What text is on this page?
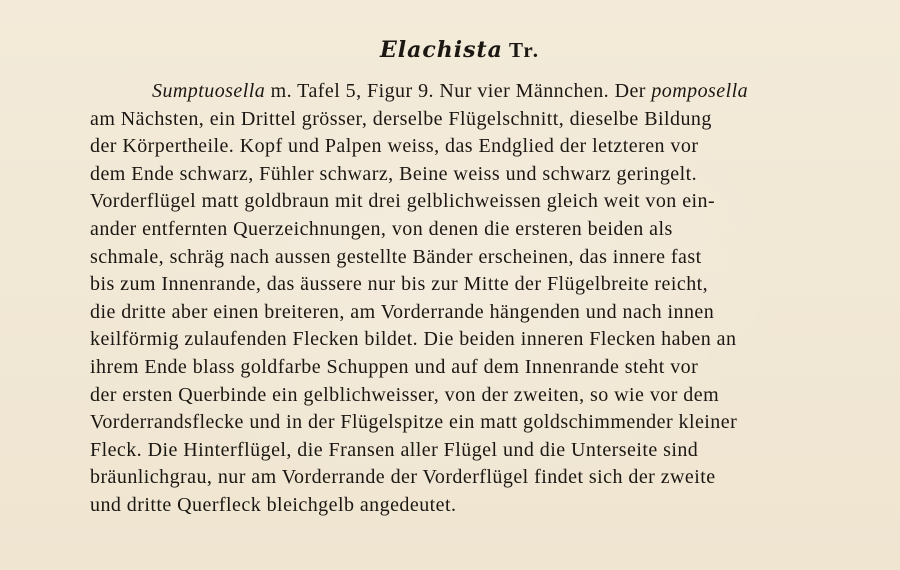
Elachista Tr.
Sumptuosella m. Tafel 5, Figur 9. Nur vier Männchen. Der pomposella
am Nächsten, ein Drittel grösser, derselbe Flügelschnitt, dieselbe Bildung
der Körpertheile. Kopf und Palpen weiss, das Endglied der letzteren vor
dem Ende schwarz, Fühler schwarz, Beine weiss und schwarz geringelt.
Vorderflügel matt goldbraun mit drei gelblichweissen gleich weit von ein-
ander entfernten Querzeichnungen, von denen die ersteren beiden als
schmale, schräg nach aussen gestellte Bänder erscheinen, das innere fast
bis zum Innenrande, das äussere nur bis zur Mitte der Flügelbreite reicht,
die dritte aber einen breiteren, am Vorderrande hängenden und nach innen
keilförmig zulaufenden Flecken bildet. Die beiden inneren Flecken haben an
ihrem Ende blass goldfarbe Schuppen und auf dem Innenrande steht vor
der ersten Querbinde ein gelblichweisser, von der zweiten, so wie vor dem
Vorderrandsflecke und in der Flügelspitze ein matt goldschimmender kleiner
Fleck. Die Hinterflügel, die Fransen aller Flügel und die Unterseite sind
bräunlichgrau, nur am Vorderrande der Vorderflügel findet sich der zweite
und dritte Querfleck bleichgelb angedeutet.
